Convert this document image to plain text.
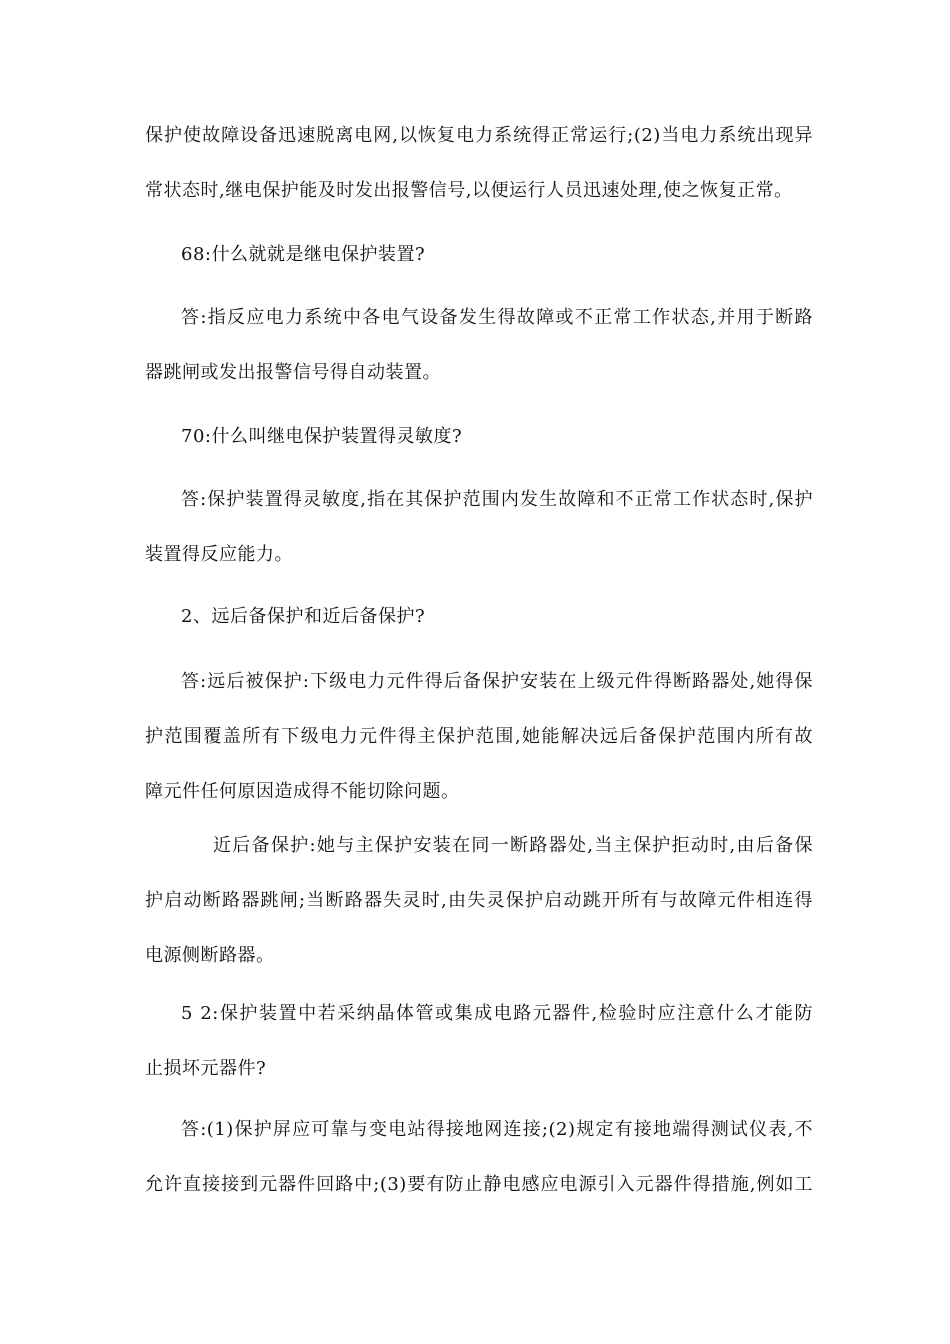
保护使故障设备迅速脱离电网,以恢复电力系统得正常运行;(2)当电力系统出现异
常状态时,继电保护能及时发出报警信号,以便运行人员迅速处理,使之恢复正常。
68:什么就就是继电保护装置?
答:指反应电力系统中各电气设备发生得故障或不正常工作状态,并用于断路
器跳闸或发出报警信号得自动装置。
70:什么叫继电保护装置得灵敏度?
答:保护装置得灵敏度,指在其保护范围内发生故障和不正常工作状态时,保护
装置得反应能力。
2、远后备保护和近后备保护?
答:远后被保护:下级电力元件得后备保护安装在上级元件得断路器处,她得保
护范围覆盖所有下级电力元件得主保护范围,她能解决远后备保护范围内所有故
障元件任何原因造成得不能切除问题。
近后备保护:她与主保护安装在同一断路器处,当主保护拒动时,由后备保
护启动断路器跳闸;当断路器失灵时,由失灵保护启动跳开所有与故障元件相连得
电源侧断路器。
5 2:保护装置中若采纳晶体管或集成电路元器件,检验时应注意什么才能防
止损坏元器件?
答:(1)保护屏应可靠与变电站得接地网连接;(2)规定有接地端得测试仪表,不
允许直接接到元器件回路中;(3)要有防止静电感应电源引入元器件得措施,例如工
